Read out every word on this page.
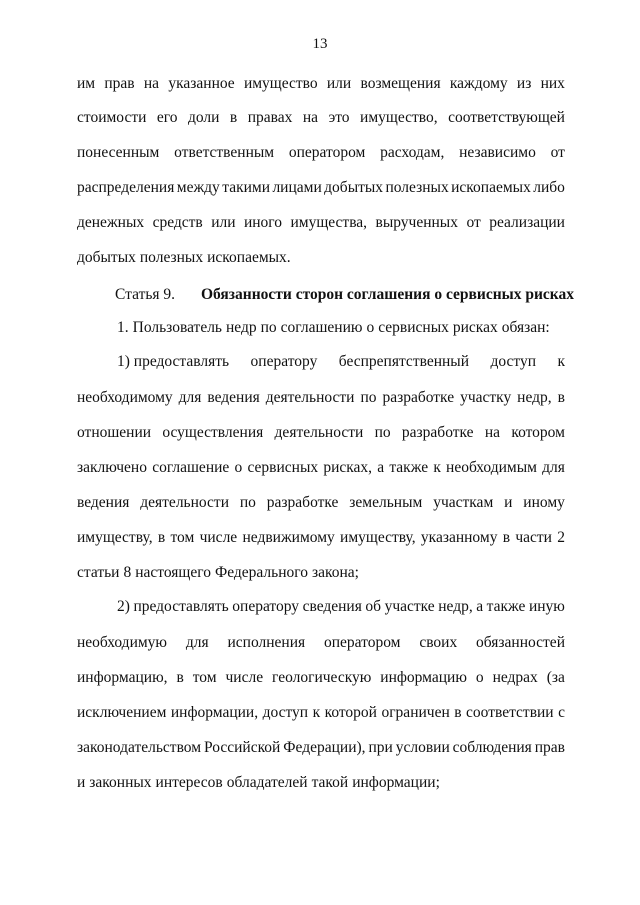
13
им прав на указанное имущество или возмещения каждому из них
стоимости его доли в правах на это имущество, соответствующей
понесенным ответственным оператором расходам, независимо от
распределения между такими лицами добытых полезных ископаемых либо
денежных средств или иного имущества, вырученных от реализации
добытых полезных ископаемых.
Статья 9. Обязанности сторон соглашения о сервисных рисках
1. Пользователь недр по соглашению о сервисных рисках обязан:
1) предоставлять оператору беспрепятственный доступ к
необходимому для ведения деятельности по разработке участку недр, в
отношении осуществления деятельности по разработке на котором
заключено соглашение о сервисных рисках, а также к необходимым для
ведения деятельности по разработке земельным участкам и иному
имуществу, в том числе недвижимому имуществу, указанному в части 2
статьи 8 настоящего Федерального закона;
2) предоставлять оператору сведения об участке недр, а также иную
необходимую для исполнения оператором своих обязанностей
информацию, в том числе геологическую информацию о недрах (за
исключением информации, доступ к которой ограничен в соответствии с
законодательством Российской Федерации), при условии соблюдения прав
и законных интересов обладателей такой информации;
